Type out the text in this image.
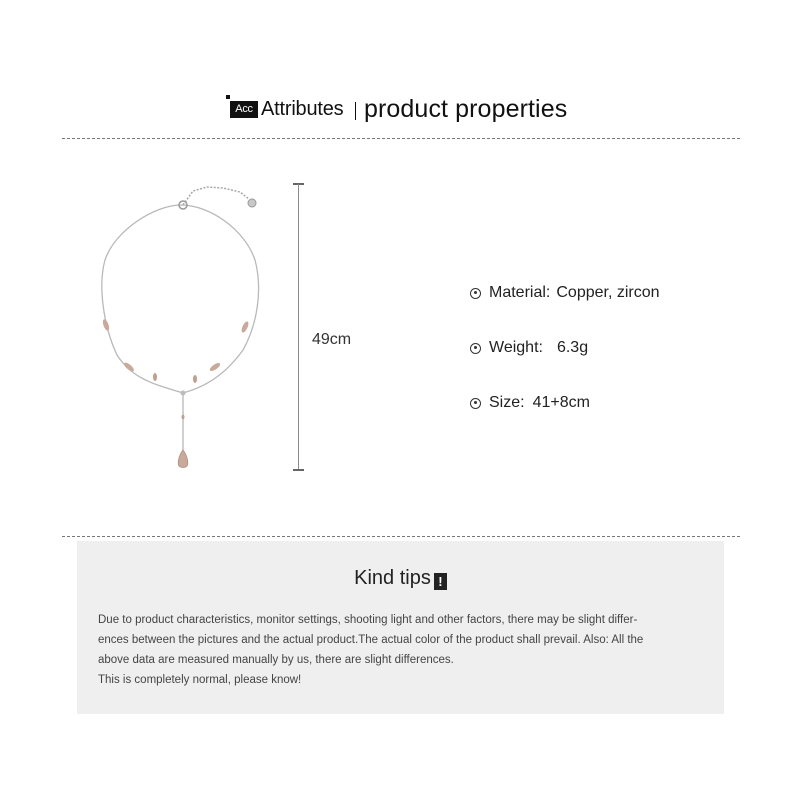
Acc Attributes product properties
49cm
Material: Copper, zircon
Weight: 6.3g
Size: 41+8cm
Kind tips !
Due to product characteristics, monitor settings, shooting light and other factors, there may be slight differ-
ences between the pictures and the actual product.The actual color of the product shall prevail. Also: All the
above data are measured manually by us, there are slight differences.
This is completely normal, please know!
